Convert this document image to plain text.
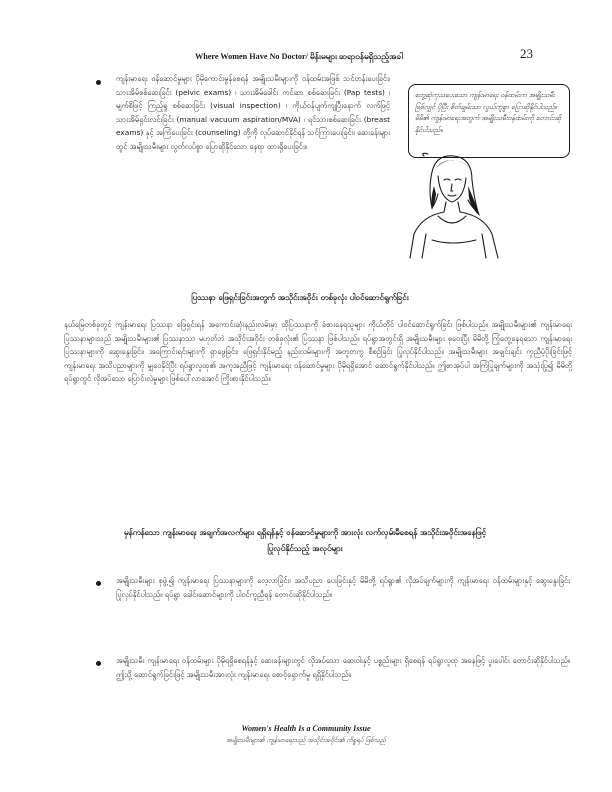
Where Women Have No Doctor/ မိန်းမများ ဆရာဝန်မရှိသည့်အခါ	23
ကျန်းမာရေး ဝန်ဆောင်မှုများ ပိုမိုကောင်းမွန်စေရန် အမျိုးသမီးများကို ဝန်ထမ်းအဖြစ် သင်တန်းပေးခြင်း၊ သားအိမ်စစ်ဆေးခြင်း (pelvic exams) ၊ သားအိမ်ခေါင်း ကင်ဆာ စစ်ဆေးခြင်း (Pap tests) ၊ မျက်စိဖြင့် ကြည့်ရှု စစ်ဆေးခြင်း (visual inspection) ၊ ကိုယ်ဝန်ပျက်ကျပြီးနောက် လက်ဖြင့် သားအိမ်ရှင်းလင်းခြင်း (manual vacuum aspiration/MVA) ၊ ရင်သားစစ်ဆေးခြင်း (breast exams) နှင့် အကြံပေးခြင်း (counseling) တို့ကို လုပ်ဆောင်နိုင်ရန် သင်ကြားပေးခြင်း၊ ဆေးခန်းများတွင် အမျိုးသမီးများ လွတ်လပ်စွာ ပြောဆိုနိုင်သော နေရာ ထားရှိပေးခြင်း။
တွေ့ဆုံကုသပေးသော ကျန်းမာရေး ဝန်ထမ်းက အမျိုးသမီး ဖြစ်လျှင် ပိုပြီး စိတ်ချမ်းသာ လွယ်ကူစွာ ပြောဆိုနိုင်ပါသည်။ မိမိ၏ ကျန်းမာရေးအတွက် အမျိုးသမီးဝန်ထမ်းကို တောင်းဆိုနိုင်ပါသည်။
ပြဿနာ ဖြေရှင်းခြင်းအတွက် အသိုင်းအဝိုင်း တစ်ခုလုံး ပါဝင်ဆောင်ရွက်ခြင်း
နယ်မြေတစ်ခုတွင် ကျန်းမာရေး ပြဿနာ ဖြေရှင်းရန် အကောင်းဆုံးနည်းလမ်းမှာ ထိုပြဿနာကို ခံစားနေရသူများ ကိုယ်တိုင် ပါဝင်ဆောင်ရွက်ခြင်း ဖြစ်ပါသည်။ အမျိုးသမီးများ၏ ကျန်းမာရေး ပြဿနာများသည် အမျိုးသမီးများ၏ ပြဿနာသာ မဟုတ်ဘဲ အသိုင်းအဝိုင်း တစ်ခုလုံး၏ ပြဿနာ ဖြစ်ပါသည်။ ရပ်ရွာအတွင်းရှိ အမျိုးသမီးများ စုဝေးပြီး မိမိတို့ ကြုံတွေ့နေရသော ကျန်းမာရေး ပြဿနာများကို ဆွေးနွေးခြင်း၊ အကြောင်းရင်းများကို ရှာဖွေခြင်း၊ ဖြေရှင်းနိုင်မည့် နည်းလမ်းများကို အတူတကွ စီစဉ်ခြင်း ပြုလုပ်နိုင်ပါသည်။ အမျိုးသမီးများ အချင်းချင်း ကူညီပံ့ပိုးခြင်းဖြင့် ကျန်းမာရေး အသိပညာများကို မျှဝေနိုင်ပြီး ရပ်ရွာလူထု၏ အကူအညီဖြင့် ကျန်းမာရေး ဝန်ဆောင်မှုများ ပိုမိုရရှိအောင် ဆောင်ရွက်နိုင်ပါသည်။ ဤစာအုပ်ပါ အကြံပြုချက်များကို အသုံးပြု၍ မိမိတို့ ရပ်ရွာတွင် လိုအပ်သော ပြောင်းလဲမှုများ ဖြစ်ပေါ်လာအောင် ကြိုးစားနိုင်ပါသည်။
မှန်ကန်သော ကျန်းမာရေး အချက်အလက်များ ရရှိရန်နှင့် ဝန်ဆောင်မှုများကို အားလုံး လက်လှမ်းမီစေရန် အသိုင်းအဝိုင်းအနေဖြင့် ပြုလုပ်နိုင်သည့် အလုပ်များ
အမျိုးသမီးများ စုဖွဲ့၍ ကျန်းမာရေး ပြဿနာများကို လေ့လာခြင်း၊ အသိပညာ ပေးခြင်းနှင့် မိမိတို့ ရပ်ရွာ၏ လိုအပ်ချက်များကို ကျန်းမာရေး ဝန်ထမ်းများနှင့် ဆွေးနွေးခြင်း ပြုလုပ်နိုင်ပါသည်။ ရပ်ရွာ ခေါင်းဆောင်များကို ပါဝင်ကူညီရန် တောင်းဆိုနိုင်ပါသည်။
အမျိုးသမီး ကျန်းမာရေး ဝန်ထမ်းများ ပိုမိုရရှိစေရန်နှင့် ဆေးခန်းများတွင် လိုအပ်သော ဆေးဝါးနှင့် ပစ္စည်းများ ရှိစေရန် ရပ်ရွာလူထု အနေဖြင့် ပူးပေါင်း တောင်းဆိုနိုင်ပါသည်။ ဤသို့ ဆောင်ရွက်ခြင်းဖြင့် အမျိုးသမီးအားလုံး ကျန်းမာရေး စောင့်ရှောက်မှု ရရှိနိုင်ပါသည်။
Women's Health Is a Community Issue
အမျိုးသမီးများ၏ ကျန်းမာရေးသည် အသိုင်းအဝိုင်း၏ ကိစ္စရပ် ဖြစ်သည်
